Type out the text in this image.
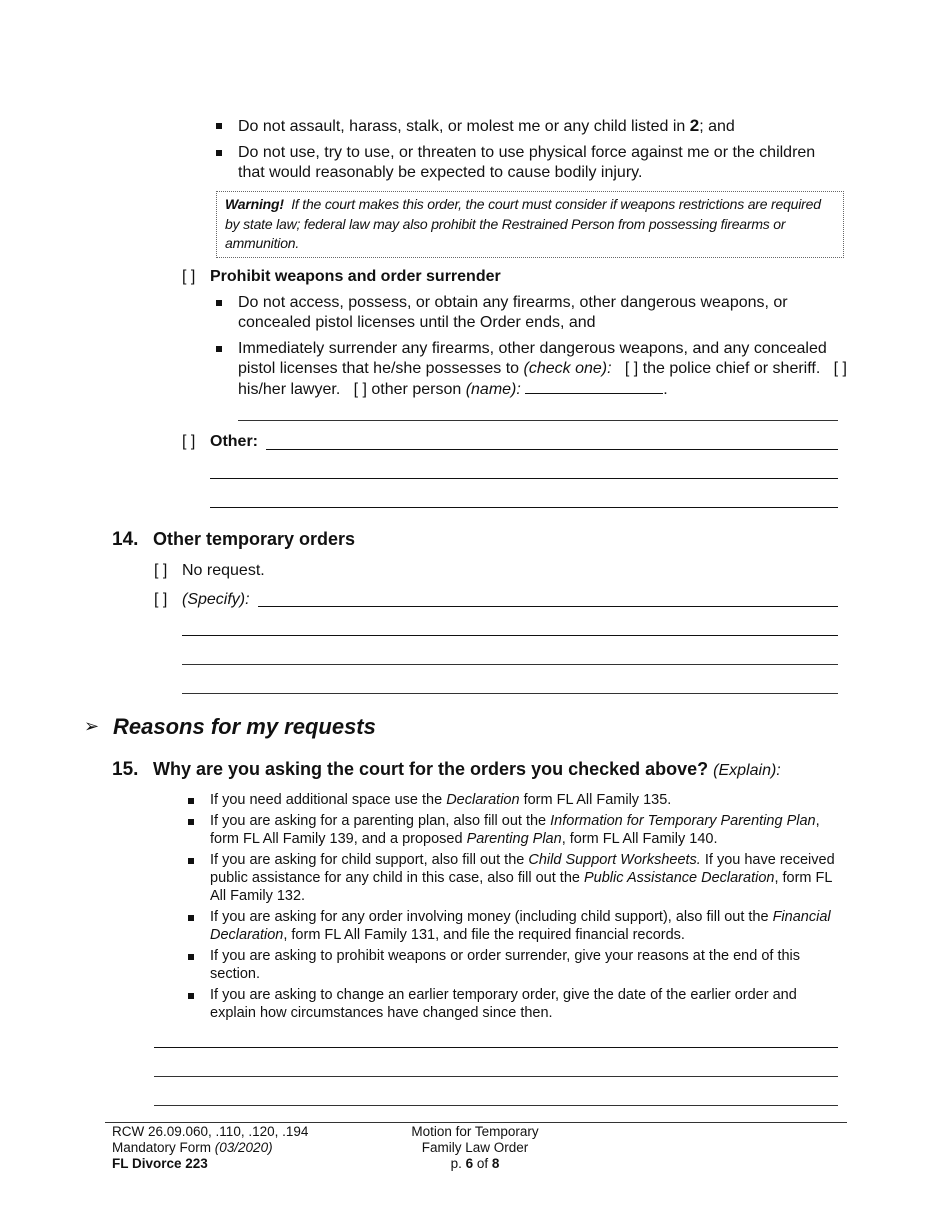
Do not assault, harass, stalk, or molest me or any child listed in 2; and
Do not use, try to use, or threaten to use physical force against me or the children that would reasonably be expected to cause bodily injury.
Warning! If the court makes this order, the court must consider if weapons restrictions are required by state law; federal law may also prohibit the Restrained Person from possessing firearms or ammunition.
[ ] Prohibit weapons and order surrender
Do not access, possess, or obtain any firearms, other dangerous weapons, or concealed pistol licenses until the Order ends, and
Immediately surrender any firearms, other dangerous weapons, and any concealed pistol licenses that he/she possesses to (check one): [ ] the police chief or sheriff. [ ] his/her lawyer. [ ] other person (name):	.
[ ] Other:
14. Other temporary orders
[ ] No request.
[ ] (Specify):
➢ Reasons for my requests
15. Why are you asking the court for the orders you checked above? (Explain):
If you need additional space use the Declaration form FL All Family 135.
If you are asking for a parenting plan, also fill out the Information for Temporary Parenting Plan, form FL All Family 139, and a proposed Parenting Plan, form FL All Family 140.
If you are asking for child support, also fill out the Child Support Worksheets. If you have received public assistance for any child in this case, also fill out the Public Assistance Declaration, form FL All Family 132.
If you are asking for any order involving money (including child support), also fill out the Financial Declaration, form FL All Family 131, and file the required financial records.
If you are asking to prohibit weapons or order surrender, give your reasons at the end of this section.
If you are asking to change an earlier temporary order, give the date of the earlier order and explain how circumstances have changed since then.
RCW 26.09.060, .110, .120, .194
Mandatory Form (03/2020)
FL Divorce 223
Motion for Temporary
Family Law Order
p. 6 of 8
